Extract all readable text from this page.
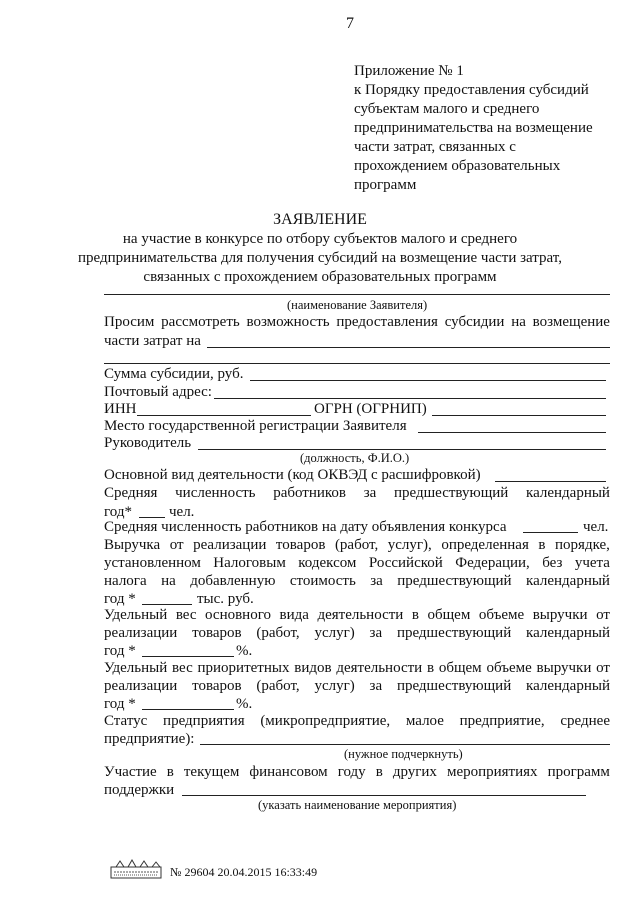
7
Приложение № 1
к Порядку предоставления субсидий
субъектам малого и среднего
предпринимательства на возмещение
части затрат, связанных с
прохождением образовательных
программ
ЗАЯВЛЕНИЕ
на участие в конкурсе по отбору субъектов малого и среднего
предпринимательства для получения субсидий на возмещение части затрат,
связанных с прохождением образовательных программ
(наименование Заявителя)
Просим рассмотреть возможность предоставления субсидии на возмещение
части затрат на
Сумма субсидии, руб.
Почтовый адрес:
ИНН	ОГРН (ОГРНИП)
Место государственной регистрации Заявителя
Руководитель
(должность, Ф.И.О.)
Основной вид деятельности (код ОКВЭД с расшифровкой)
Средняя численность работников за предшествующий календарный
год* чел.
Средняя численность работников на дату объявления конкурса	чел.
Выручка от реализации товаров (работ, услуг), определенная в порядке,
установленном Налоговым кодексом Российской Федерации, без учета
налога на добавленную стоимость за предшествующий календарный
год *	тыс. руб.
Удельный вес основного вида деятельности в общем объеме выручки от
реализации товаров (работ, услуг) за предшествующий календарный
год *	%.
Удельный вес приоритетных видов деятельности в общем объеме выручки от
реализации товаров (работ, услуг) за предшествующий календарный
год *	%.
Статус предприятия (микропредприятие, малое предприятие, среднее
предприятие):
(нужное подчеркнуть)
Участие в текущем финансовом году в других мероприятиях программ
поддержки
(указать наименование мероприятия)
№ 29604 20.04.2015 16:33:49
